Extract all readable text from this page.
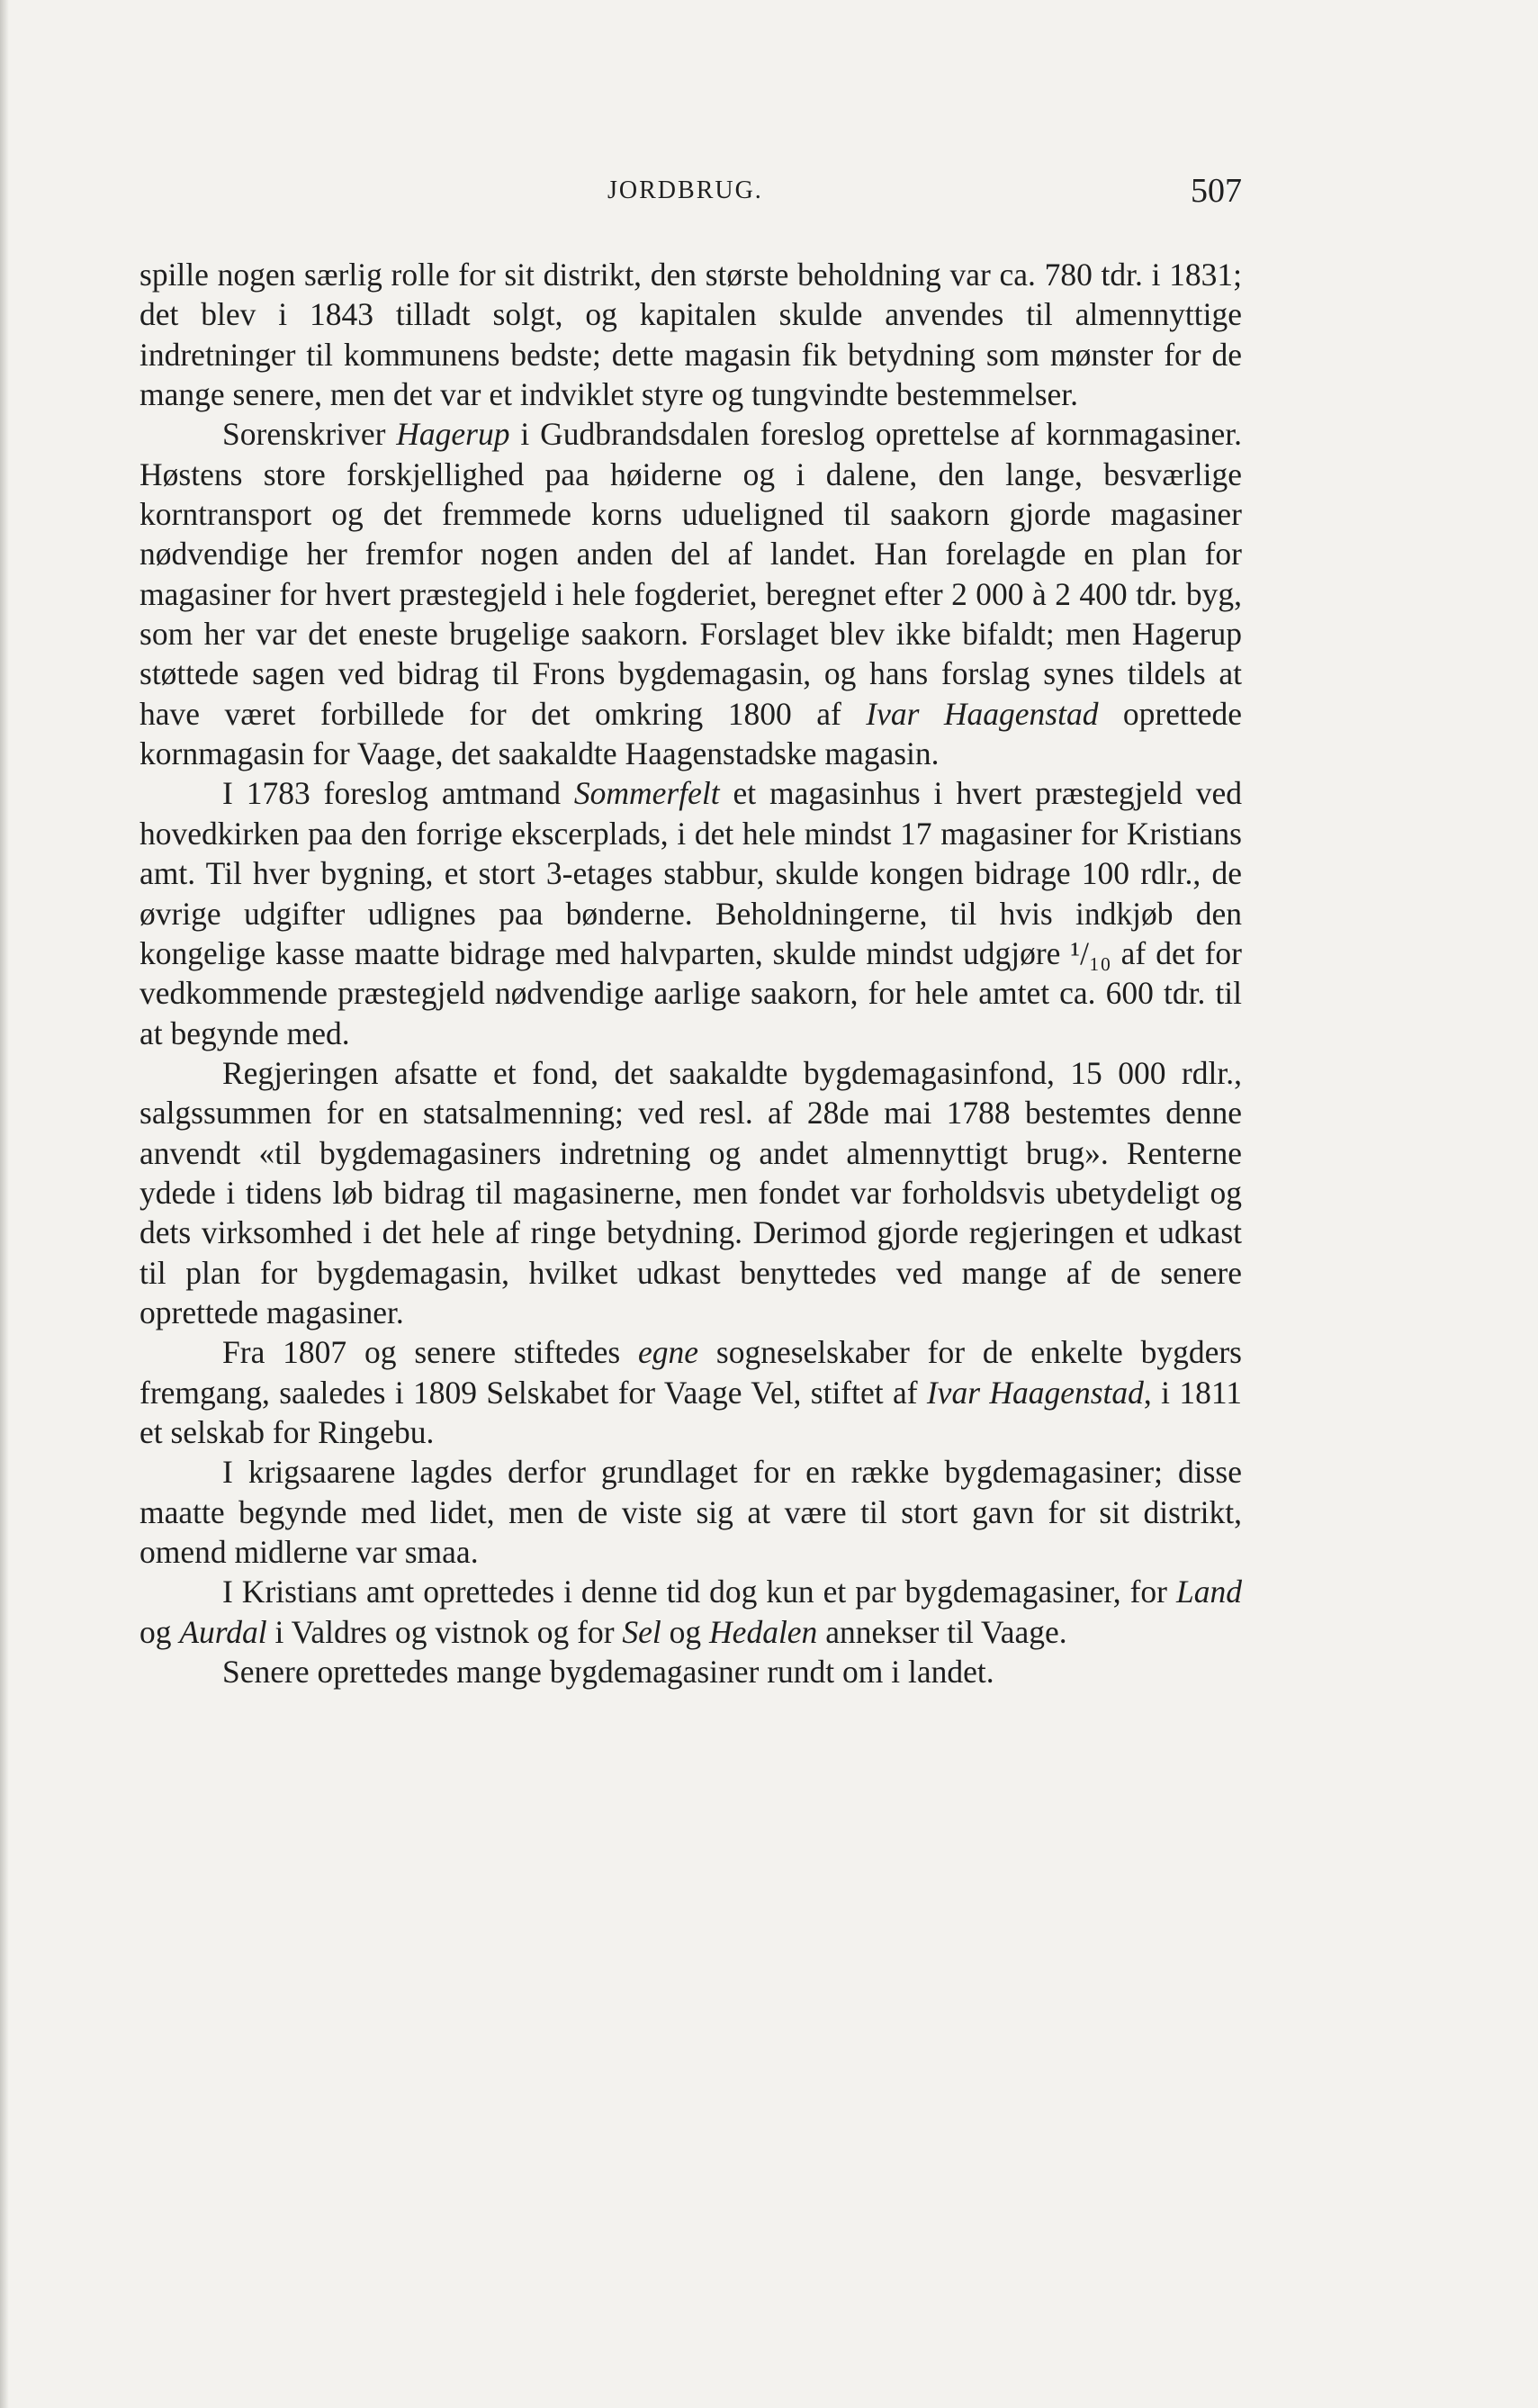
JORDBRUG.	507

spille nogen særlig rolle for sit distrikt, den største beholdning var ca. 780 tdr. i 1831; det blev i 1843 tilladt solgt, og kapitalen skulde anvendes til almennyttige indretninger til kommunens bedste; dette magasin fik betydning som mønster for de mange senere, men det var et indviklet styre og tungvindte bestemmelser.

Sorenskriver Hagerup i Gudbrandsdalen foreslog oprettelse af kornmagasiner. Høstens store forskjellighed paa høiderne og i dalene, den lange, besværlige korntransport og det fremmede korns udueligned til saakorn gjorde magasiner nødvendige her fremfor nogen anden del af landet. Han forelagde en plan for magasiner for hvert præstegjeld i hele fogderiet, beregnet efter 2 000 à 2 400 tdr. byg, som her var det eneste brugelige saakorn. Forslaget blev ikke bifaldt; men Hagerup støttede sagen ved bidrag til Frons bygdemagasin, og hans forslag synes tildels at have været forbillede for det omkring 1800 af Ivar Haagenstad oprettede kornmagasin for Vaage, det saakaldte Haagenstadske magasin.

I 1783 foreslog amtmand Sommerfelt et magasinhus i hvert præstegjeld ved hovedkirken paa den forrige ekscerplads, i det hele mindst 17 magasiner for Kristians amt. Til hver bygning, et stort 3-etages stabbur, skulde kongen bidrage 100 rdlr., de øvrige udgifter udlignes paa bønderne. Beholdningerne, til hvis indkjøb den kongelige kasse maatte bidrage med halvparten, skulde mindst udgjøre ¹/₁₀ af det for vedkommende præstegjeld nødvendige aarlige saakorn, for hele amtet ca. 600 tdr. til at begynde med.

Regjeringen afsatte et fond, det saakaldte bygdemagasinfond, 15 000 rdlr., salgssummen for en statsalmenning; ved resl. af 28de mai 1788 bestemtes denne anvendt «til bygdemagasiners indretning og andet almennyttigt brug». Renterne ydede i tidens løb bidrag til magasinerne, men fondet var forholdsvis ubetydeligt og dets virksomhed i det hele af ringe betydning. Derimod gjorde regjeringen et udkast til plan for bygdemagasin, hvilket udkast benyttedes ved mange af de senere oprettede magasiner.

Fra 1807 og senere stiftedes egne sogneselskaber for de enkelte bygders fremgang, saaledes i 1809 Selskabet for Vaage Vel, stiftet af Ivar Haagenstad, i 1811 et selskab for Ringebu.

I krigsaarene lagdes derfor grundlaget for en række bygdemagasiner; disse maatte begynde med lidet, men de viste sig at være til stort gavn for sit distrikt, omend midlerne var smaa.

I Kristians amt oprettedes i denne tid dog kun et par bygdemagasiner, for Land og Aurdal i Valdres og vistnok og for Sel og Hedalen annekser til Vaage.

Senere oprettedes mange bygdemagasiner rundt om i landet.
